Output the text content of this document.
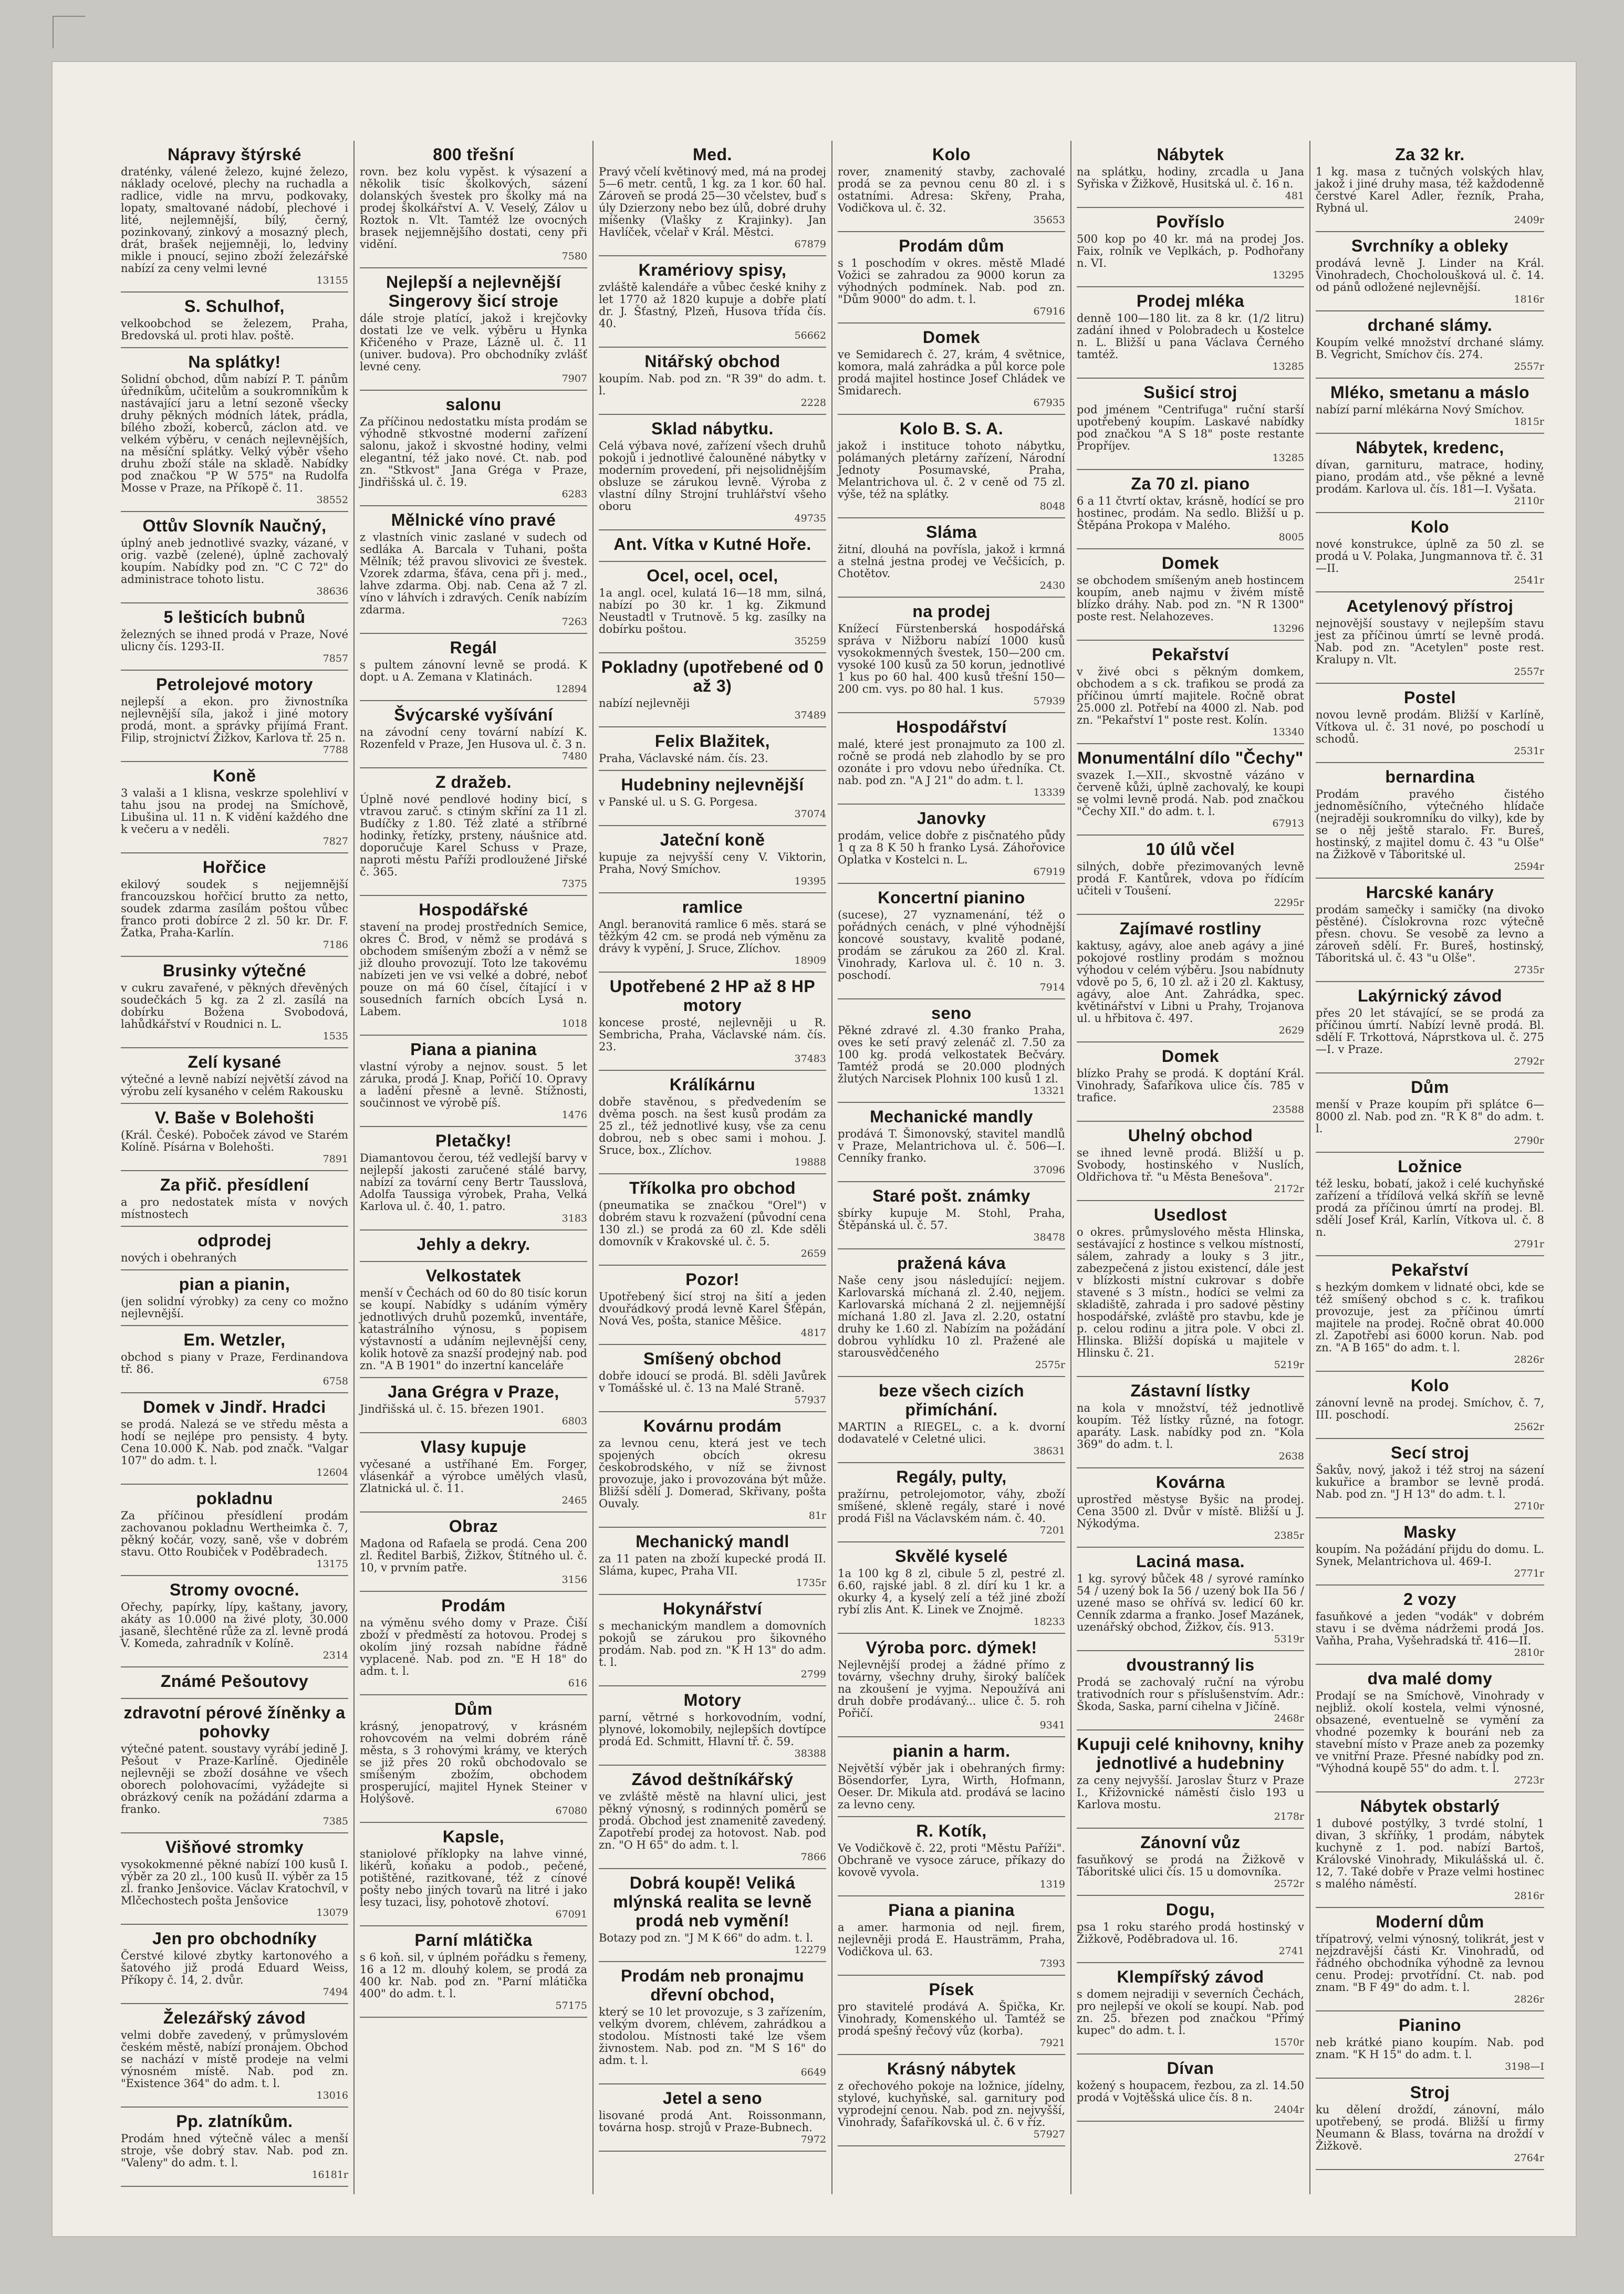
Nápravy štýrské

draténky, válené železo, kujné železo, náklady ocelové, plechy na ruchadla a radlice, vidle na mrvu, podkovaky, lopaty, smaltované nádobí, plechové i lité, nejlemnější, bílý, černý, pozinkovaný, zinkový a mosazný plech, drát, brašek nejjemněji, lo, ledviny mikle i pnoucí, sejino zboží železářské nabízí za ceny velmi levné

13155
S. Schulhof,

velkoobchod se železem, Praha, Bredovská ul. proti hlav. poště.

Na splátky!

Solidní obchod, dům nabízí P. T. pánům úředníkům, učitelům a soukromníkům k nastávající jaru a letní sezoně všecky druhy pěkných módních látek, prádla, bílého zboží, koberců, záclon atd. ve velkém výběru, v cenách nejlevnějších, na měsíční splátky. Velký výběr všeho druhu zboží stále na skladě. Nabídky pod značkou "P W 575" na Rudolfa Mosse v Praze, na Příkopě č. 11.

38552
Ottův Slovník Naučný,

úplný aneb jednotlivé svazky, vázané, v orig. vazbě (zelené), úplně zachovalý koupím. Nabídky pod zn. "C C 72" do administrace tohoto listu.

38636
5 lešticích bubnů

železných se ihned prodá v Praze, Nové ulicny čís. 1293-II.

7857
Petrolejové motory

nejlepší a ekon. pro živnostníka nejlevnější síla, jakož i jiné motory prodá, mont. a správky přijímá Frant. Filip, strojnictví Žižkov, Karlova tř. 25 n.

7788
Koně

3 valaši a 1 klisna, veskrze spolehliví v tahu jsou na prodej na Smíchově, Libušina ul. 11 n. K vidění každého dne k večeru a v neděli.

7827
Hořčice

ekilový soudek s nejjemnější francouzskou hořčicí brutto za netto, soudek zdarma zasílám poštou vůbec franco proti dobírce 2 zl. 50 kr. Dr. F. Žatka, Praha-Karlín.

7186
Brusinky výtečné

v cukru zavařené, v pěkných dřevěných soudečkách 5 kg. za 2 zl. zasílá na dobírku Božena Svobodová, lahůdkářství v Roudnici n. L.

1535
Zelí kysané

výtečné a levně nabízí největší závod na výrobu zelí kysaného v celém Rakousku

V. Baše v Bolehošti

(Král. České). Poboček závod ve Starém Kolíně. Písárna v Bolehošti.

7891
Za přič. přesídlení

a pro nedostatek místa v nových místnostech

odprodej

nových i obehraných

pian a pianin,

(jen solidní výrobky) za ceny co možno nejlevnější.

Em. Wetzler,

obchod s piany v Praze, Ferdinandova tř. 86.

6758
Domek v Jindř. Hradci

se prodá. Nalezá se ve středu města a hodí se nejlépe pro pensisty. 4 byty. Cena 10.000 K. Nab. pod značk. "Valgar 107" do adm. t. l.

12604
pokladnu

Za příčinou přesídlení prodám zachovanou pokladnu Wertheimka č. 7, pěkný kočár, vozy, saně, vše v dobrém stavu. Otto Roubiček v Poděbradech.

13175
Stromy ovocné.

Ořechy, papírky, lípy, kaštany, javory, akáty as 10.000 na živé ploty, 30.000 jasaně, šlechtěné růže za zl. levně prodá V. Komeda, zahradník v Kolíně.

2314
Známé Pešoutovy
zdravotní pérové žíněnky a pohovky

výtečné patent. soustavy vyrábí jedině J. Pešout v Praze-Karlíně. Ojediněle nejlevněji se zboží dosáhne ve všech oborech polohovacími, vyžádejte si obrázkový ceník na požádání zdarma a franko.

7385
Višňové stromky

vysokokmenné pěkné nabízí 100 kusů I. výběr za 20 zl., 100 kusů II. výběr za 15 zl. franko Jenšovice. Václav Kratochvíl, v Mlčechostech pošta Jenšovice

13079
Jen pro obchodníky

Čerstvé kilové zbytky kartonového a šatového již prodá Eduard Weiss, Příkopy č. 14, 2. dvůr.

7494
Železářský závod

velmi dobře zavedený, v průmyslovém českém městě, nabízí pronájem. Obchod se nachází v místě prodeje na velmi výnosném místě. Nab. pod zn. "Existence 364" do adm. t. l.

13016
Pp. zlatníkům.

Prodám hned výtečně válec a menší stroje, vše dobrý stav. Nab. pod zn. "Valeny" do adm. t. l.

16181r
800 třešní

rovn. bez kolu vypěst. k výsazení a několik tisíc školkových, sázení dolanských švestek pro školky má na prodej školkářství A. V. Veselý, Zálov u Roztok n. Vlt. Tamtéž lze ovocných brasek nejjemnějšího dostati, ceny při vidění.

7580
Nejlepší a nejlevnější Singerovy šicí stroje

dále stroje platící, jakož i krejčovky dostati lze ve velk. výběru u Hynka Křičeného v Praze, Lázně ul. č. 11 (univer. budova). Pro obchodníky zvlášť levné ceny.

7907
salonu

Za příčinou nedostatku místa prodám se výhodně stkvostné moderní zařízení salonu, jakož i skvostné hodiny, velmi elegantní, též jako nové. Ct. nab. pod zn. "Stkvost" Jana Gréga v Praze, Jindřišská ul. č. 19.

6283
Mělnické víno pravé

z vlastních vinic zaslané v sudech od sedláka A. Barcala v Tuhani, pošta Mělník; též pravou slivovici ze švestek. Vzorek zdarma, šťáva, cena při j. med., lahve zdarma. Obj. nab. Cena až 7 zl. víno v láhvích i zdravých. Ceník nabízím zdarma.

7263
Regál

s pultem zánovní levně se prodá. K dopt. u A. Zemana v Klatinách.

12894
Švýcarské vyšívání

na závodní ceny tovární nabízí K. Rozenfeld v Praze, Jen Husova ul. č. 3 n.

7480
Z dražeb.

Úplně nové pendlové hodiny bicí, s vtravou zaruč. s ctiným skříní za 11 zl. Budíčky z 1.80. Též zlaté a stříbrné hodinky, řetízky, prsteny, náušnice atd. doporučuje Karel Schuss v Praze, naproti městu Paříži prodloužené Jiřské č. 365.

7375
Hospodářské

stavení na prodej prostředních Semice, okres Č. Brod, v němž se prodává s obchodem smíšeným zboží a v němž se již dlouho provozují. Toto lze takovému nabízeti jen ve vsi velké a dobré, neboť pouze on má 60 čísel, čítající i v sousedních farních obcích Lysá n. Labem.

1018
Piana a pianina

vlastní výroby a nejnov. soust. 5 let záruka, prodá J. Knap, Pořičí 10. Opravy a ladění přesně a levně. Stížnosti, součinnost ve výrobě píš.

1476
Pletačky!

Diamantovou čerou, též vedlejší barvy v nejlepší jakosti zaručené stálé barvy, nabízí za tovární ceny Bertr Tausslová, Adolfa Taussiga výrobek, Praha, Velká Karlova ul. č. 40, 1. patro.

3183
Jehly a dekry.
Velkostatek

menší v Čechách od 60 do 80 tisíc korun se koupí. Nabídky s udáním výměry jednotlivých druhů pozemků, inventáře, katastrálního výnosu, s popisem výstavností a udáním nejlevnější ceny, kolik hotově za snazší prodejný nab. pod zn. "A B 1901" do inzertní kanceláře

Jana Grégra v Praze,

Jindřišská ul. č. 15. březen 1901.

6803
Vlasy kupuje

vyčesané a ustříhané Em. Forger, vlásenkář a výrobce umělých vlasů, Zlatnická ul. č. 11.

2465
Obraz

Madona od Rafaela se prodá. Cena 200 zl. Ředitel Barbiš, Žižkov, Štítného ul. č. 10, v prvním patře.

3156
Prodám

na výměnu svého domy v Praze. Čiší zboží v předměstí za hotovou. Prodej s okolím jiný rozsah nabídne řádně vyplacené. Nab. pod zn. "E H 18" do adm. t. l.

616
Dům

krásný, jenopatrový, v krásném rohovcovém na velmi dobrém ráně města, s 3 rohovými krámy, ve kterých se již přes 20 roků obchodovalo se smíšeným zbožím, obchodem prosperující, majitel Hynek Steiner v Holýšově.

67080
Kapsle,

staniolové příklopky na lahve vinné, likérů, koňaku a podob., pečené, potištěné, razitkované, též z cínové pošty nebo jiných tovarů na litré i jako lesy tuzaci, lisy, pohotově zhotoví.

67091
Parní mlátička

s 6 koň. sil, v úplném pořádku s řemeny, 16 a 12 m. dlouhý kolem, se prodá za 400 kr. Nab. pod zn. "Parní mlátička 400" do adm. t. l.

57175
Med.

Pravý včelí květinový med, má na prodej 5—6 metr. centů, 1 kg. za 1 kor. 60 hal. Zároveň se prodá 25—30 včelstev, buď s úly Dzierzony nebo bez úlů, dobré druhy míšenky (Vlašky z Krajinky). Jan Havlíček, včelař v Král. Městci.

67879
Kramériovy spisy,

zvláště kalendáře a vůbec české knihy z let 1770 až 1820 kupuje a dobře platí dr. J. Šťastný, Plzeň, Husova třída čís. 40.

56662
Nitářský obchod

koupím. Nab. pod zn. "R 39" do adm. t. l.

2228
Sklad nábytku.

Celá výbava nové, zařízení všech druhů pokojů i jednotlivé čalouněné nábytky v moderním provedení, při nejsolidnějším obsluze se zárukou levně. Výroba z vlastní dílny Strojní truhlářství všeho oboru

49735
Ant. Vítka v Kutné Hoře.
Ocel, ocel, ocel,

1a angl. ocel, kulatá 16—18 mm, silná, nabízí po 30 kr. 1 kg. Zikmund Neustadtl v Trutnově. 5 kg. zasílky na dobírku poštou.

35259
Pokladny (upotřebené od 0 až 3)

nabízí nejlevněji

37489
Felix Blažitek,

Praha, Václavské nám. čís. 23.

Hudebniny nejlevnější

v Panské ul. u S. G. Porgesa.

37074
Jateční koně

kupuje za nejvyšší ceny V. Viktorin, Praha, Nový Smíchov.

19395
ramlice

Angl. beranovitá ramlice 6 měs. stará se těžkým 42 cm. se prodá neb výměnu za drávy k vypění, J. Sruce, Zlíchov.

18909
Upotřebené 2 HP až 8 HP motory

koncese prosté, nejlevněji u R. Sembricha, Praha, Václavské nám. čís. 23.

37483
Králíkárnu

dobře stavěnou, s předvedením se dvěma posch. na šest kusů prodám za 25 zl., též jednotlivé kusy, vše za cenu dobrou, neb s obec sami i mohou. J. Sruce, box., Zlíchov.

19888
Tříkolka pro obchod

(pneumatika se značkou "Orel") v dobrém stavu k rozvažení (původní cena 130 zl.) se prodá za 60 zl. Kde sděli domovník v Krakovské ul. č. 5.

2659
Pozor!

Upotřebený šicí stroj na šití a jeden dvouřádkový prodá levně Karel Šťěpán, Nová Ves, pošta, stanice Měšice.

4817
Smíšený obchod

dobře idoucí se prodá. Bl. sděli Javůrek v Tomášské ul. č. 13 na Malé Straně.

57937
Kovárnu prodám

za levnou cenu, která jest ve tech spojených obcích okresu českobrodského, v níž se živnost provozuje, jako i provozována být může. Bližší sdělí J. Domerad, Skřivany, pošta Ouvaly.

81r
Mechanický mandl

za 11 paten na zboží kupecké prodá II. Sláma, kupec, Praha VII.

1735r
Hokynářství

s mechanickým mandlem a domovních pokojů se zárukou pro šikovného prodám. Nab. pod zn. "K H 13" do adm. t. l.

2799
Motory

parní, větrné s horkovodním, vodní, plynové, lokomobily, nejlepších dovtípce prodá Ed. Schmitt, Hlavní tř. č. 59.

38388
Závod deštníkářský

ve zvláště městě na hlavní ulici, jest pěkný výnosný, s rodinných poměrů se prodá. Obchod jest znamenitě zavedený. Zapotřebí prodej za hotovost. Nab. pod zn. "O H 65" do adm. t. l.

7866
Dobrá koupě! Veliká mlýnská realita se levně prodá neb vymění!

Botazy pod zn. "J M K 66" do adm. t. l.

12279
Prodám neb pronajmu dřevní obchod,

který se 10 let provozuje, s 3 zařízením, velkým dvorem, chlévem, zahrádkou a stodolou. Místnosti také lze všem živnostem. Nab. pod zn. "M S 16" do adm. t. l.

6649
Jetel a seno

lisované prodá Ant. Roissonmann, továrna hosp. strojů v Praze-Bubnech.

7972
Kolo

rover, znamenitý stavby, zachovalé prodá se za pevnou cenu 80 zl. i s ostatními. Adresa: Skřeny, Praha, Vodičkova ul. č. 32.

35653
Prodám dům

s 1 poschodím v okres. městě Mladé Vožici se zahradou za 9000 korun za výhodných podmínek. Nab. pod zn. "Dům 9000" do adm. t. l.

67916
Domek

ve Semidarech č. 27, krám, 4 světnice, komora, malá zahrádka a půl korce pole prodá majitel hostince Josef Chládek ve Smidarech.

67935
Kolo B. S. A.

jakož i instituce tohoto nábytku, polámaných pletárny zařízení, Národní Jednoty Posumavské, Praha, Melantrichova ul. č. 2 v ceně od 75 zl. výše, též na splátky.

8048
Sláma

žitní, dlouhá na povřísla, jakož i krmná a stelná jestna prodej ve Večšicích, p. Chotětov.

2430
na prodej

Knížecí Fürstenberská hospodářská správa v Nižboru nabízí 1000 kusů vysokokmenných švestek, 150—200 cm. vysoké 100 kusů za 50 korun, jednotlivé 1 kus po 60 hal. 400 kusů třešní 150—200 cm. vys. po 80 hal. 1 kus.

57939
Hospodářství

malé, které jest pronajmuto za 100 zl. ročně se prodá neb zlahodlo by se pro ozonáte i pro vdovu nebo úředníka. Ct. nab. pod zn. "A J 21" do adm. t. l.

13339
Janovky

prodám, velice dobře z pisčnatého půdy 1 q za 8 K 50 h franko Lysá. Záhořovice Oplatka v Kostelci n. L.

67919
Koncertní pianino

(sucese), 27 vyznamenání, též o pořádných cenách, v plné výhodnější koncové soustavy, kvalitě podané, prodám se zárukou za 260 zl. Kral. Vinohrady, Karlova ul. č. 10 n. 3. poschodí.

7914
seno

Pěkné zdravé zl. 4.30 franko Praha, oves ke setí pravý zelenáč zl. 7.50 za 100 kg. prodá velkostatek Bečváry. Tamtéž prodá se 20.000 plodných žlutých Narcisek Plohnix 100 kusů 1 zl.

13321
Mechanické mandly

prodává T. Šimonovský, stavitel mandlů v Praze, Melantrichova ul. č. 506—I. Cenníky franko.

37096
Staré pošt. známky

sbírky kupuje M. Stohl, Praha, Štěpánská ul. č. 57.

38478
pražená káva

Naše ceny jsou následující: nejjem. Karlovarská míchaná zl. 2.40, nejjem. Karlovarská míchaná 2 zl. nejjemnější míchaná 1.80 zl. Java zl. 2.20, ostatní druhy ke 1.60 zl. Nabízím na požádání dobrou vyhlídku 10 zl. Pražené ale starousvědčeného

2575r
beze všech cizích přimíchání.

MARTIN a RIEGEL, c. a k. dvorní dodavatelé v Celetné ulici.

38631
Regály, pulty,

pražírnu, petrolejomotor, váhy, zboží smíšené, skleně regály, staré i nové prodá Fišl na Václavském nám. č. 40.

7201
Skvělé kyselé

1a 100 kg 8 zl, cibule 5 zl, pestré zl. 6.60, rajské jabl. 8 zl. dírí ku 1 kr. a okurky 4, a kyselý zelí a též jiné zboží rybí zlis Ant. K. Linek ve Znojmě.

18233
Výroba porc. dýmek!

Nejlevnější prodej a žádné přímo z továrny, všechny druhy, široký balíček na zkoušení je vyjma. Nepoužívá ani druh dobře prodávaný... ulice č. 5. roh Pořičí.

9341
pianin a harm.

Největší výběr jak i obehraných firmy: Bösendorfer, Lyra, Wirth, Hofmann, Oeser. Dr. Mikula atd. prodává se lacino za levno ceny.

R. Kotík,

Ve Vodičkově č. 22, proti "Městu Paříži". Obchraně ve vysoce záruce, příkazy do kovově vyvola.

1319
Piana a pianina

a amer. harmonia od nejl. firem, nejlevněji prodá E. Hausträmm, Praha, Vodičkova ul. 63.

7393
Písek

pro stavitelé prodává A. Špička, Kr. Vinohrady, Komenského ul. Tamtéž se prodá spešný řečový vůz (korba).

7921
Krásný nábytek

z ořechového pokoje na ložnice, jídelny, stylové, kuchyňské, sal. garnitury pod vyprodejní cenou. Nab. pod zn. nejvyšší, Vinohrady, Šafaříkovská ul. č. 6 v říz.

57927
Nábytek

na splátku, hodiny, zrcadla u Jana Syřiska v Žižkově, Husitská ul. č. 16 n.

481
Povříslo

500 kop po 40 kr. má na prodej Jos. Faix, rolník ve Veplkách, p. Podhořany n. VI.

13295
Prodej mléka

denně 100—180 lit. za 8 kr. (1/2 litru) zadání ihned v Polobradech u Kostelce n. L. Bližší u pana Václava Černého tamtéž.

13285
Sušicí stroj

pod jménem "Centrifuga" ruční starší upotřebený koupím. Laskavé nabídky pod značkou "A S 18" poste restante Propříjev.

13285
Za 70 zl. piano

6 a 11 čtvrtí oktav, krásně, hodící se pro hostinec, prodám. Na sedlo. Bližší u p. Štěpána Prokopa v Malého.

8005
Domek

se obchodem smíšeným aneb hostincem koupím, aneb najmu v živém místě blízko dráhy. Nab. pod zn. "N R 1300" poste rest. Nelahozeves.

13296
Pekařství

v živé obci s pěkným domkem, obchodem a s ck. trafikou se prodá za příčinou úmrtí majitele. Ročně obrat 25.000 zl. Potřebí na 4000 zl. Nab. pod zn. "Pekařství 1" poste rest. Kolín.

13340
Monumentální dílo "Čechy"

svazek I.—XII., skvostně vázáno v červeně kůži, úplně zachovalý, ke koupi se volmi levně prodá. Nab. pod značkou "Čechy XII." do adm. t. l.

67913
10 úlů včel

silných, dobře přezimovaných levně prodá F. Kantůrek, vdova po řídícím učiteli v Toušení.

2295r
Zajímavé rostliny

kaktusy, agávy, aloe aneb agávy a jiné pokojové rostliny prodám s možnou výhodou v celém výběru. Jsou nabídnuty vdově po 5, 6, 10 zl. až i 20 zl. Kaktusy, agávy, aloe Ant. Zahrádka, spec. květinářství v Libni u Prahy, Trojanova ul. u hřbitova č. 497.

2629
Domek

blízko Prahy se prodá. K doptání Král. Vinohrady, Šafaříkova ulice čís. 785 v trafice.

23588
Uhelný obchod

se ihned levně prodá. Bližší u p. Svobody, hostinského v Nuslích, Oldřichova tř. "u Města Benešova".

2172r
Usedlost

o okres. průmyslového města Hlinska, sestávající z hostince s velkou místností, sálem, zahrady a louky s 3 jitr., zabezpečená z jistou existencí, dále jest v blízkosti místní cukrovar s dobře stavené s 3 místn., hodíci se velmi za skladiště, zahrada i pro sadové pěstiny hospodářské, zvláště pro stavbu, kde je p. celou rodinu a jitra pole. V obci zl. Hlinska. Bližší dopíská u majitele v Hlinsku č. 21.

5219r
Zástavní lístky

na kola v množství, též jednotlivě koupím. Též lístky různé, na fotogr. aparáty. Lask. nabídky pod zn. "Kola 369" do adm. t. l.

2638
Kovárna

uprostřed městyse Byšic na prodej. Cena 3500 zl. Dvůr v místě. Bližší u J. Nýkodýma.

2385r
Laciná masa.

1 kg. syrový bůček 48 / syrové ramínko 54 / uzený bok Ia 56 / uzený bok IIa 56 / uzené maso se ohřívá sv. ledicí 60 kr. Cenník zdarma a franko. Josef Mazánek, uzenářský obchod, Žižkov, čís. 913.

5319r
dvoustranný lis

Prodá se zachovalý ruční na výrobu trativodních rour s příslušenstvím. Adr.: Škoda, Saska, parní cihelna v Jičíně.

2468r
Kupuji celé knihovny, knihy jednotlivé a hudebniny

za ceny nejvyšší. Jaroslav Šturz v Praze I., Křižovnické náměstí čislo 193 u Karlova mostu.

2178r
Zánovní vůz

fasuňkový se prodá na Žižkově v Táboritské ulici čís. 15 u domovníka.

2572r
Dogu,

psa 1 roku starého prodá hostinský v Žižkově, Poděbradova ul. 16.

2741
Klempířský závod

s domem nejradiji v severních Čechách, pro nejlepší ve okolí se koupí. Nab. pod zn. 25. březen pod značkou "Přímý kupec" do adm. t. l.

1570r
Dívan

kožený s houpacem, řezbou, za zl. 14.50 prodá v Vojtěšská ulice čís. 8 n.

2404r
Za 32 kr.

1 kg. masa z tučných volských hlav, jakož i jiné druhy masa, též každodenně čerstvé Karel Adler, řezník, Praha, Rybná ul.

2409r
Svrchníky a obleky

prodává levně J. Linder na Král. Vinohradech, Chocholoušková ul. č. 14. od pánů odložené nejlevnější.

1816r
drchané slámy.

Koupím velké množství drchané slámy. B. Vegricht, Smíchov čís. 274.

2557r
Mléko, smetanu a máslo

nabízí parní mlékárna Nový Smíchov.

1815r
Nábytek, kredenc,

dívan, garnituru, matrace, hodiny, piano, prodám atd., vše pěkné a levně prodám. Karlova ul. čís. 181—I. Vyšata.

2110r
Kolo

nové konstrukce, úplně za 50 zl. se prodá u V. Polaka, Jungmannova tř. č. 31—II.

2541r
Acetylenový přístroj

nejnovější soustavy v nejlepším stavu jest za příčinou úmrtí se levně prodá. Nab. pod zn. "Acetylen" poste rest. Kralupy n. Vlt.

2557r
Postel

novou levně prodám. Bližší v Karlíně, Vítkova ul. č. 31 nové, po poschodí u schodů.

2531r
bernardina

Prodám pravého čistého jednoměsíčního, výtečného hlídače (nejraději soukromníku do vilky), kde by se o něj ještě staralo. Fr. Bureš, hostinský, z majitel domu č. 43 "u Olše" na Žižkově v Táboritské ul.

2594r
Harcské kanáry

prodám samečky i samičky (na divoko pěstěné). Číslokrovna rozc výtečně přesn. chovu. Se vesobě za levno a zároveň sdělí. Fr. Bureš, hostinský, Táboritská ul. č. 43 "u Olše".

2735r
Lakýrnický závod

přes 20 let stávající, se se prodá za příčinou úmrtí. Nabízí levně prodá. Bl. sdělí F. Trkottová, Náprstkova ul. č. 275—I. v Praze.

2792r
Dům

menší v Praze koupím při splátce 6—8000 zl. Nab. pod zn. "R K 8" do adm. t. l.

2790r
Ložnice

též lesku, bobatí, jakož i celé kuchyňské zařízení a třídílová velká skříň se levně prodá za příčinou úmrtí na prodej. Bl. sdělí Josef Král, Karlín, Vítkova ul. č. 8 n.

2791r
Pekařství

s hezkým domkem v lidnaté obci, kde se též smíšený obchod s c. k. trafikou provozuje, jest za příčinou úmrtí majitele na prodej. Ročně obrat 40.000 zl. Zapotřebí asi 6000 korun. Nab. pod zn. "A B 165" do adm. t. l.

2826r
Kolo

zánovní levně na prodej. Smíchov, č. 7, III. poschodí.

2562r
Secí stroj

Šakův, nový, jakož i též stroj na sázení kukuřice a brambor se levně prodá. Nab. pod zn. "J H 13" do adm. t. l.

2710r
Masky

koupím. Na požádání přijdu do domu. L. Synek, Melantrichova ul. 469-I.

2771r
2 vozy

fasuňkové a jeden "vodák" v dobrém stavu i se dvěma nádržemi prodá Jos. Vaňha, Praha, Vyšehradská tř. 416—II.

2810r
dva malé domy

Prodají se na Smíchově, Vinohrady v nejbliž. okolí kostela, velmi výnosné, obsazené, eventuelně se vymění za vhodné pozemky k bourání neb za stavební místo v Praze aneb za pozemky ve vnitřní Praze. Přesné nabídky pod zn. "Výhodná koupě 55" do adm. t. l.

2723r
Nábytek obstarlý

1 dubové postýlky, 3 tvrdé stolní, 1 divan, 3 skříňky, 1 prodám, nábytek kuchyně z 1. pod. nabízí Bartoš, Královské Vinohrady, Mikulášská ul. č. 12, 7. Také dobře v Praze velmi hostinec s malého náměstí.

2816r
Moderní dům

třípatrový, velmi výnosný, tolikrát, jest v nejzdravější části Kr. Vinohradů, od řádného obchodníka výhodně za levnou cenu. Prodej: prvotřídní. Ct. nab. pod znam. "B F 49" do adm. t. l.

2826r
Pianino

neb krátké piano koupím. Nab. pod znam. "K H 15" do adm. t. l.

3198—I
Stroj

ku dělení droždí, zánovní, málo upotřebený, se prodá. Bližší u firmy Neumann & Blass, továrna na droždí v Žižkově.

2764r
